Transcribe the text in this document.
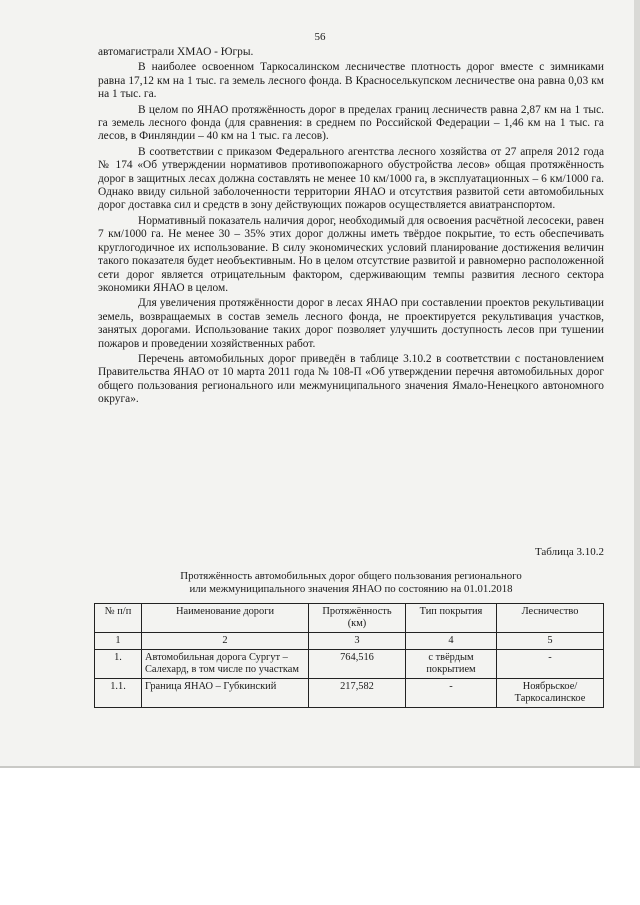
56

автомагистрали ХМАО - Югры.

В наиболее освоенном Таркосалинском лесничестве плотность дорог вместе с зимниками равна 17,12 км на 1 тыс. га земель лесного фонда. В Красноселькупском лесничестве она равна 0,03 км на 1 тыс. га.

В целом по ЯНАО протяжённость дорог в пределах границ лесничеств равна 2,87 км на 1 тыс. га земель лесного фонда (для сравнения: в среднем по Российской Федерации – 1,46 км на 1 тыс. га лесов, в Финляндии – 40 км на 1 тыс. га лесов).

В соответствии с приказом Федерального агентства лесного хозяйства от 27 апреля 2012 года № 174 «Об утверждении нормативов противопожарного обустройства лесов» общая протяжённость дорог в защитных лесах должна составлять не менее 10 км/1000 га, в эксплуатационных – 6 км/1000 га. Однако ввиду сильной заболоченности территории ЯНАО и отсутствия развитой сети автомобильных дорог доставка сил и средств в зону действующих пожаров осуществляется авиатранспортом.

Нормативный показатель наличия дорог, необходимый для освоения расчётной лесосеки, равен 7 км/1000 га. Не менее 30 – 35% этих дорог должны иметь твёрдое покрытие, то есть обеспечивать круглогодичное их использование. В силу экономических условий планирование достижения величин такого показателя будет необъективным. Но в целом отсутствие развитой и равномерно расположенной сети дорог является отрицательным фактором, сдерживающим темпы развития лесного сектора экономики ЯНАО в целом.

Для увеличения протяжённости дорог в лесах ЯНАО при составлении проектов рекультивации земель, возвращаемых в состав земель лесного фонда, не проектируется рекультивация участков, занятых дорогами. Использование таких дорог позволяет улучшить доступность лесов при тушении пожаров и проведении хозяйственных работ.

Перечень автомобильных дорог приведён в таблице 3.10.2 в соответствии с постановлением Правительства ЯНАО от 10 марта 2011 года № 108-П «Об утверждении перечня автомобильных дорог общего пользования регионального или межмуниципального значения Ямало-Ненецкого автономного округа».

Таблица 3.10.2
Протяжённость автомобильных дорог общего пользования регионального
или межмуниципального значения ЯНАО по состоянию на 01.01.2018
№ п/п	Наименование дороги	Протяжённость (км)	Тип покрытия	Лесничество
1	2	3	4	5
1.	Автомобильная дорога Сургут – Салехард, в том числе по участкам	764,516	с твёрдым покрытием	-
1.1.	Граница ЯНАО – Губкинский	217,582	-	Ноябрьское/ Таркосалинское
